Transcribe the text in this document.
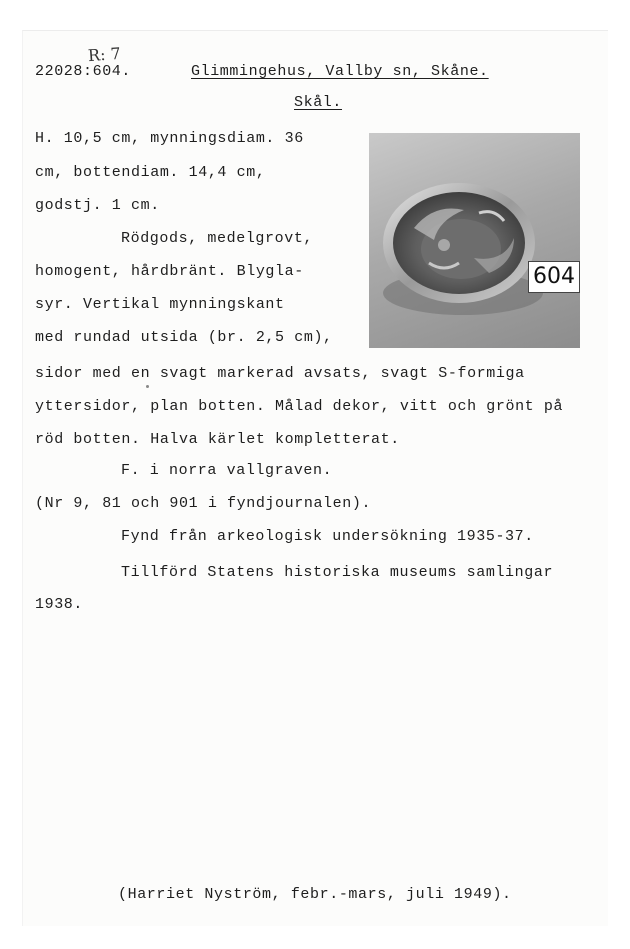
R: 7
22028:604.	Glimmingehus, Vallby sn, Skåne.
Skål.
H. 10,5 cm, mynningsdiam. 36
cm, bottendiam. 14,4 cm,
godstj. 1 cm.
Rödgods, medelgrovt,
homogent, hårdbränt. Blygla-
syr. Vertikal mynningskant
med rundad utsida (br. 2,5 cm),
sidor med en svagt markerad avsats, svagt S-formiga
yttersidor, plan botten. Målad dekor, vitt och grönt på
röd botten. Halva kärlet kompletterat.
F. i norra vallgraven.
(Nr 9, 81 och 901 i fyndjournalen).
Fynd från arkeologisk undersökning 1935-37.
Tillförd Statens historiska museums samlingar
1938.
(Harriet Nyström, febr.-mars, juli 1949).
604
